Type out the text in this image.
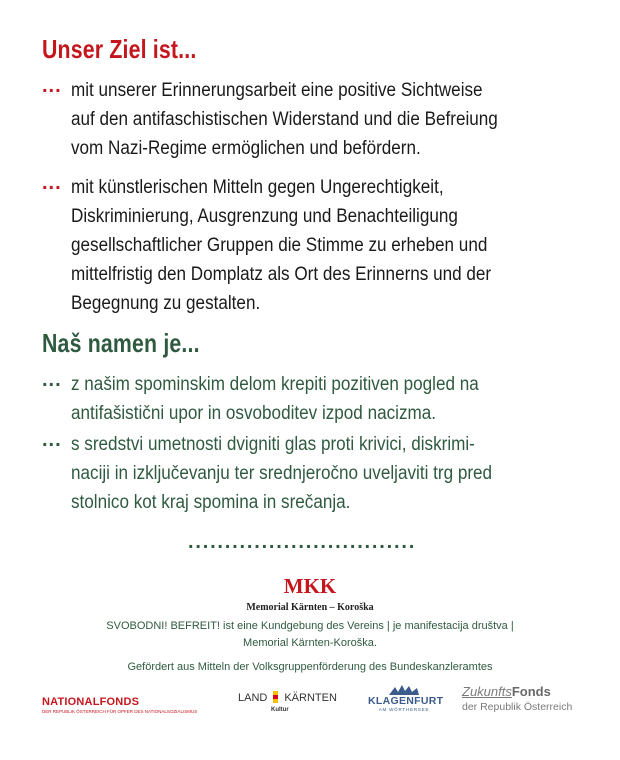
Unser Ziel ist...
... mit unserer Erinnerungsarbeit eine positive Sichtweise
auf den antifaschistischen Widerstand und die Befreiung
vom Nazi-Regime ermöglichen und befördern.
... mit künstlerischen Mitteln gegen Ungerechtigkeit,
Diskriminierung, Ausgrenzung und Benachteiligung
gesellschaftlicher Gruppen die Stimme zu erheben und
mittelfristig den Domplatz als Ort des Erinnerns und der
Begegnung zu gestalten.
Naš namen je...
... z našim spominskim delom krepiti pozitiven pogled na
antifašistični upor in osvoboditev izpod nacizma.
... s sredstvi umetnosti dvigniti glas proti krivici, diskrimi-
naciji in izključevanju ter srednjeročno uveljaviti trg pred
stolnico kot kraj spomina in srečanja.
...............................
MKK
Memorial Kärnten – Koroška
SVOBODNI! BEFREIT! ist eine Kundgebung des Vereins | je manifestacija društva |
Memorial Kärnten-Koroška.
Gefördert aus Mitteln der Volksgruppenförderung des Bundeskanzleramtes
NATIONALFONDS
DER REPUBLIK ÖSTERREICH FÜR OPFER DES NATIONALSOZIALISMUS
LAND KÄRNTEN
Kultur
KLAGENFURT
AM WÖRTHERSEE
ZukunftsFonds
der Republik Österreich
